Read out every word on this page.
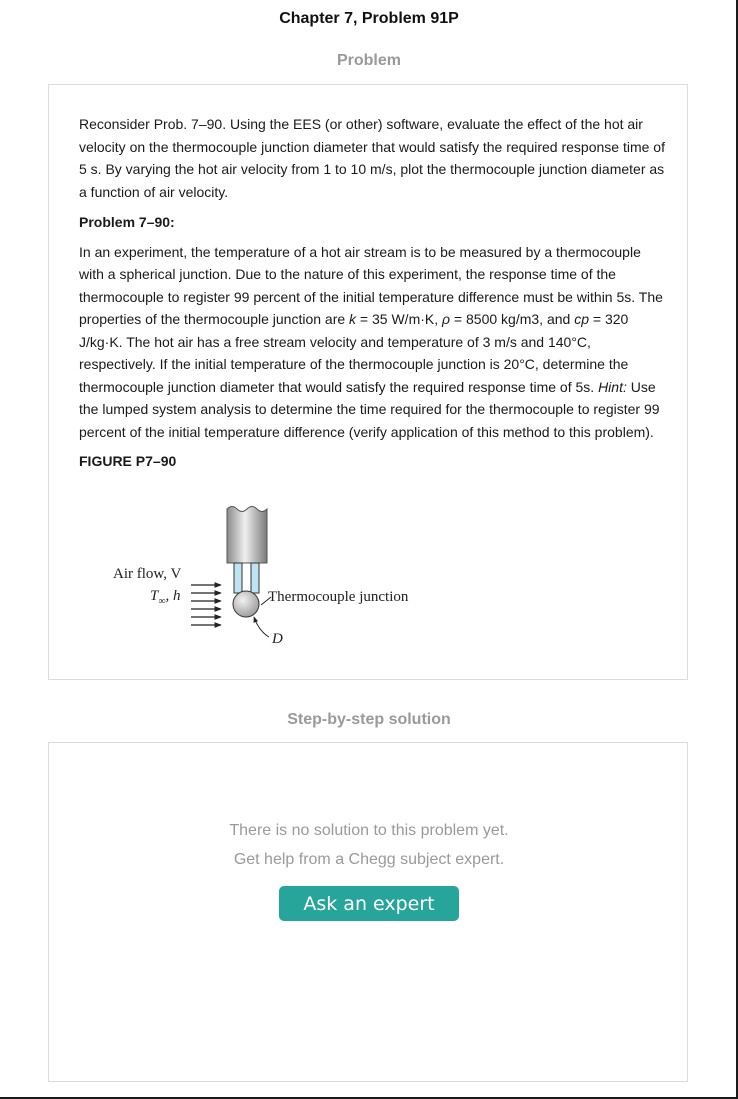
Chapter 7, Problem 91P
Problem

Reconsider Prob. 7–90. Using the EES (or other) software, evaluate the effect of the hot air velocity on the thermocouple junction diameter that would satisfy the required response time of 5 s. By varying the hot air velocity from 1 to 10 m/s, plot the thermocouple junction diameter as a function of air velocity.

Problem 7–90:

In an experiment, the temperature of a hot air stream is to be measured by a thermocouple with a spherical junction. Due to the nature of this experiment, the response time of the thermocouple to register 99 percent of the initial temperature difference must be within 5s. The properties of the thermocouple junction are k = 35 W/m·K, ρ = 8500 kg/m3, and cp = 320 J/kg·K. The hot air has a free stream velocity and temperature of 3 m/s and 140°C, respectively. If the initial temperature of the thermocouple junction is 20°C, determine the thermocouple junction diameter that would satisfy the required response time of 5s. Hint: Use the lumped system analysis to determine the time required for the thermocouple to register 99 percent of the initial temperature difference (verify application of this method to this problem).

FIGURE P7–90

Air flow, V
$T_\infty$, h	Thermocouple junction
D
Step-by-step solution
There is no solution to this problem yet.
Get help from a Chegg subject expert.
Ask an expert
